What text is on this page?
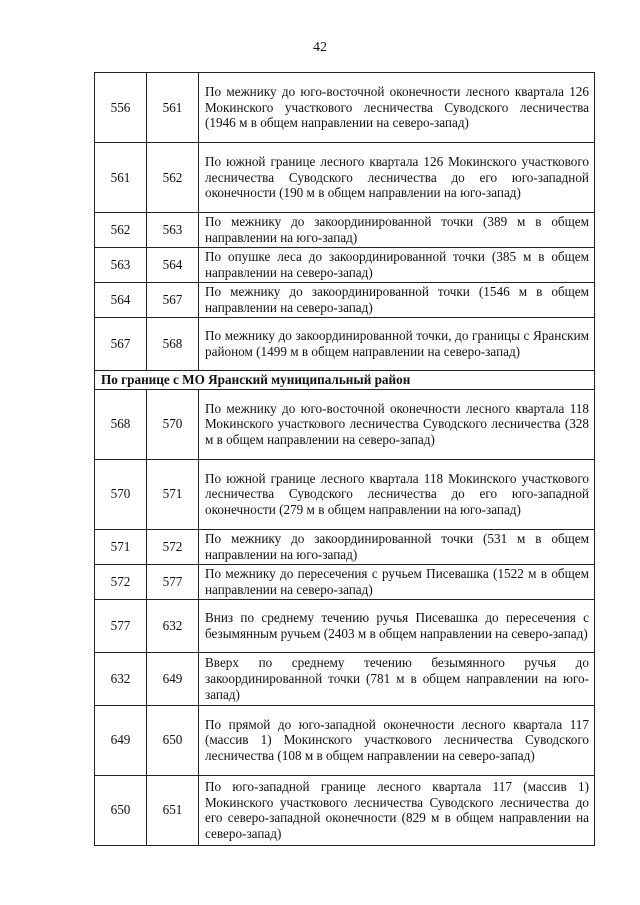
42
556	561	По межнику до юго-восточной оконечности лесного квартала 126 Мокинского участкового лесничества Суводского лесничества (1946 м в общем направлении на северо-запад)
561	562	По южной границе лесного квартала 126 Мокинского участкового лесничества Суводского лесничества до его юго-западной оконечности (190 м в общем направлении на юго-запад)
562	563	По межнику до закоординированной точки (389 м в общем направлении на юго-запад)
563	564	По опушке леса до закоординированной точки (385 м в общем направлении на северо-запад)
564	567	По межнику до закоординированной точки (1546 м в общем направлении на северо-запад)
567	568	По межнику до закоординированной точки, до границы с Яранским районом (1499 м в общем направлении на северо-запад)
По границе с МО Яранский муниципальный район		
568	570	По межнику до юго-восточной оконечности лесного квартала 118 Мокинского участкового лесничества Суводского лесничества (328 м в общем направлении на северо-запад)
570	571	По южной границе лесного квартала 118 Мокинского участкового лесничества Суводского лесничества до его юго-западной оконечности (279 м в общем направлении на юго-запад)
571	572	По межнику до закоординированной точки (531 м в общем направлении на юго-запад)
572	577	По межнику до пересечения с ручьем Писевашка (1522 м в общем направлении на северо-запад)
577	632	Вниз по среднему течению ручья Писевашка до пересечения с безымянным ручьем (2403 м в общем направлении на северо-запад)
632	649	Вверх по среднему течению безымянного ручья до закоординированной точки (781 м в общем направлении на юго-запад)
649	650	По прямой до юго-западной оконечности лесного квартала 117 (массив 1) Мокинского участкового лесничества Суводского лесничества (108 м в общем направлении на северо-запад)
650	651	По юго-западной границе лесного квартала 117 (массив 1) Мокинского участкового лесничества Суводского лесничества до его северо-западной оконечности (829 м в общем направлении на северо-запад)
